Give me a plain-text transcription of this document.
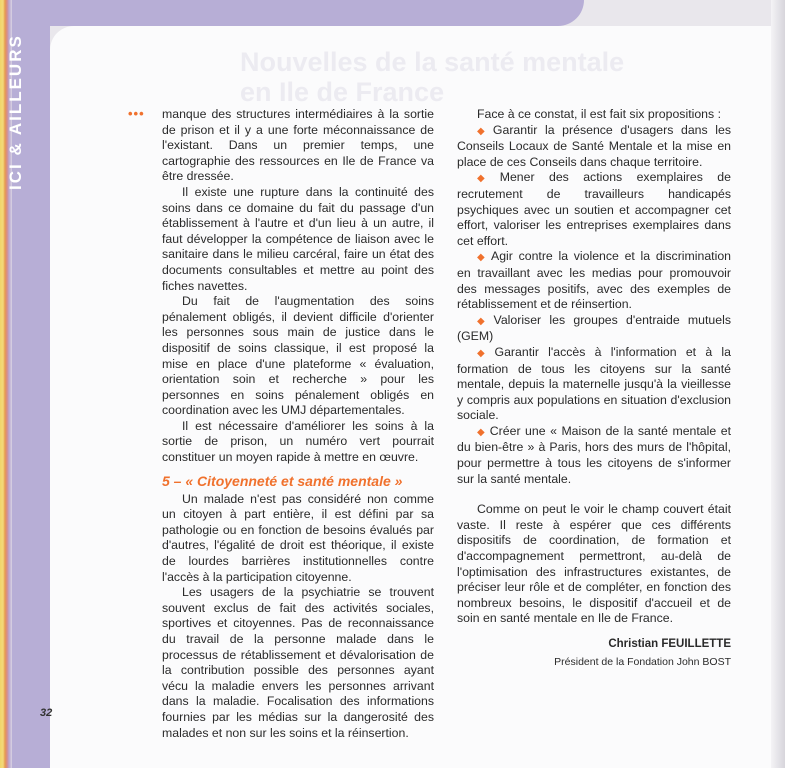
ICI & AILLEURS
32
Nouvelles de la santé mentale en Ile de France
••• manque des structures intermédiaires à la sortie de prison et il y a une forte méconnaissance de l'existant. Dans un premier temps, une cartographie des ressources en Ile de France va être dressée.

Il existe une rupture dans la continuité des soins dans ce domaine du fait du passage d'un établissement à l'autre et d'un lieu à un autre, il faut développer la compétence de liaison avec le sanitaire dans le milieu carcéral, faire un état des documents consultables et mettre au point des fiches navettes.

Du fait de l'augmentation des soins pénalement obligés, il devient difficile d'orienter les personnes sous main de justice dans le dispositif de soins classique, il est proposé la mise en place d'une plateforme « évaluation, orientation soin et recherche » pour les personnes en soins pénalement obligés en coordination avec les UMJ départementales.

Il est nécessaire d'améliorer les soins à la sortie de prison, un numéro vert pourrait constituer un moyen rapide à mettre en œuvre.

5 – « Citoyenneté et santé mentale »

Un malade n'est pas considéré non comme un citoyen à part entière, il est défini par sa pathologie ou en fonction de besoins évalués par d'autres, l'égalité de droit est théorique, il existe de lourdes barrières institutionnelles contre l'accès à la participation citoyenne.

Les usagers de la psychiatrie se trouvent souvent exclus de fait des activités sociales, sportives et citoyennes. Pas de reconnaissance du travail de la personne malade dans le processus de rétablissement et dévalorisation de la contribution possible des personnes ayant vécu la maladie envers les personnes arrivant dans la maladie. Focalisation des informations fournies par les médias sur la dangerosité des malades et non sur les soins et la réinsertion.

Face à ce constat, il est fait six propositions :

◆ Garantir la présence d'usagers dans les Conseils Locaux de Santé Mentale et la mise en place de ces Conseils dans chaque territoire.

◆ Mener des actions exemplaires de recrutement de travailleurs handicapés psychiques avec un soutien et accompagner cet effort, valoriser les entreprises exemplaires dans cet effort.

◆ Agir contre la violence et la discrimination en travaillant avec les medias pour promouvoir des messages positifs, avec des exemples de rétablissement et de réinsertion.

◆ Valoriser les groupes d'entraide mutuels (GEM)

◆ Garantir l'accès à l'information et à la formation de tous les citoyens sur la santé mentale, depuis la maternelle jusqu'à la vieillesse y compris aux populations en situation d'exclusion sociale.

◆ Créer une « Maison de la santé mentale et du bien-être » à Paris, hors des murs de l'hôpital, pour permettre à tous les citoyens de s'informer sur la santé mentale.

Comme on peut le voir le champ couvert était vaste. Il reste à espérer que ces différents dispositifs de coordination, de formation et d'accompagnement permettront, au-delà de l'optimisation des infrastructures existantes, de préciser leur rôle et de compléter, en fonction des nombreux besoins, le dispositif d'accueil et de soin en santé mentale en Ile de France.

Christian FEUILLETTE
Président de la Fondation John BOST
